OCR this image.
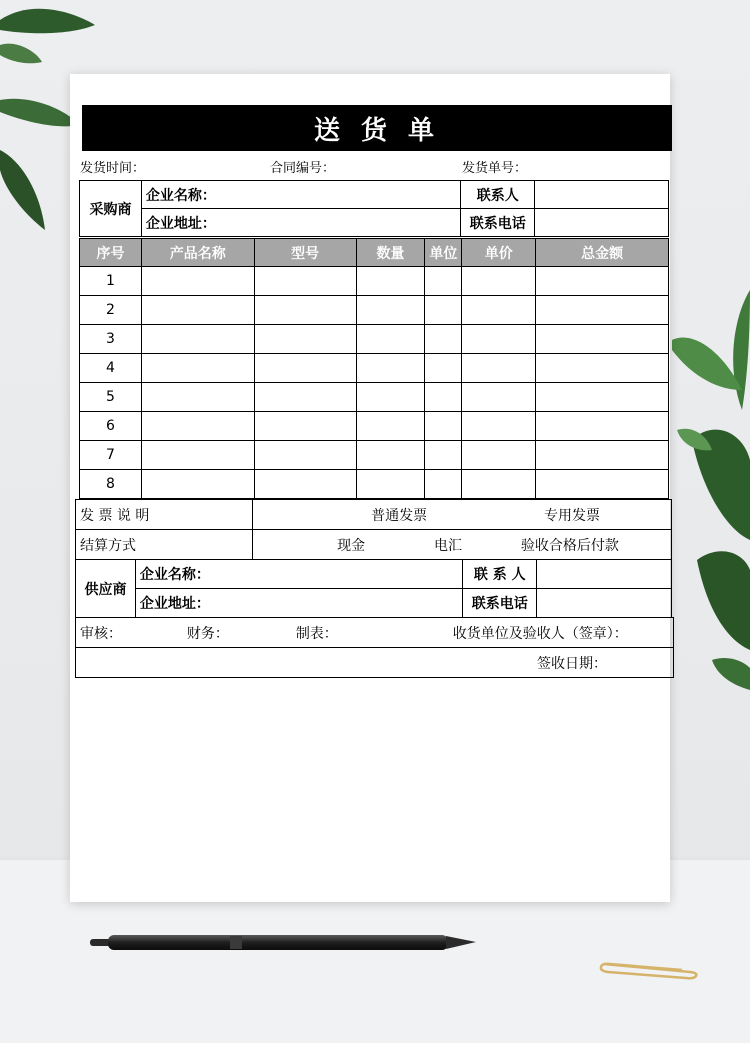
送 货 单
发货时间：	合同编号：	发货单号：
采购商	企业名称：	联系人	
	企业地址：	联系电话	
序号	产品名称	型号	数量	单位	单价	总金额
1						
2						
3						
4						
5						
6						
7						
8						
发 票 说 明	普通发票 专用发票
结算方式	现金 电汇 验收合格后付款
供应商	企业名称：	联 系 人	
	企业地址：	联系电话	
审核：	财务：	制表：	收货单位及验收人（签章）：
签收日期：
